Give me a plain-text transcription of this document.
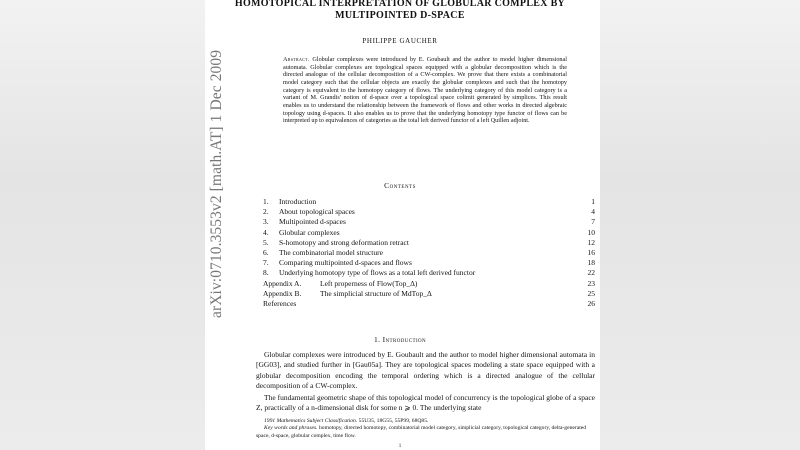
arXiv:0710.3553v2 [math.AT] 1 Dec 2009
HOMOTOPICAL INTERPRETATION OF GLOBULAR COMPLEX BY
MULTIPOINTED D-SPACE
PHILIPPE GAUCHER
Abstract. Globular complexes were introduced by E. Goubault and the author to model higher dimensional automata. Globular complexes are topological spaces equipped with a globular decomposition which is the directed analogue of the cellular decomposition of a CW-complex. We prove that there exists a combinatorial model category such that the cellular objects are exactly the globular complexes and such that the homotopy category is equivalent to the homotopy category of flows. The underlying category of this model category is a variant of M. Grandis' notion of d-space over a topological space colimit generated by simplices. This result enables us to understand the relationship between the framework of flows and other works in directed algebraic topology using d-spaces. It also enables us to prove that the underlying homotopy type functor of flows can be interpreted up to equivalences of categories as the total left derived functor of a left Quillen adjoint.
Contents
1. Introduction	1
2. About topological spaces	4
3. Multipointed d-spaces	7
4. Globular complexes	10
5. S-homotopy and strong deformation retract	12
6. The combinatorial model structure	16
7. Comparing multipointed d-spaces and flows	18
8. Underlying homotopy type of flows as a total left derived functor	22
Appendix A. Left properness of Flow(Top_Δ)	23
Appendix B. The simplicial structure of MdTop_Δ	25
References	26
1. Introduction

Globular complexes were introduced by E. Goubault and the author to model higher dimensional automata in [GG03], and studied further in [Gau05a]. They are topological spaces modeling a state space equipped with a globular decomposition encoding the temporal ordering which is a directed analogue of the cellular decomposition of a CW-complex.

The fundamental geometric shape of this topological model of concurrency is the topological globe of a space Z, practically of a n-dimensional disk for some n ⩾ 0. The underlying state

1991 Mathematics Subject Classification. 55U35, 18G55, 55P99, 68Q85.

Key words and phrases. homotopy, directed homotopy, combinatorial model category, simplicial category, topological category, delta-generated space, d-space, globular complex, time flow.

1
